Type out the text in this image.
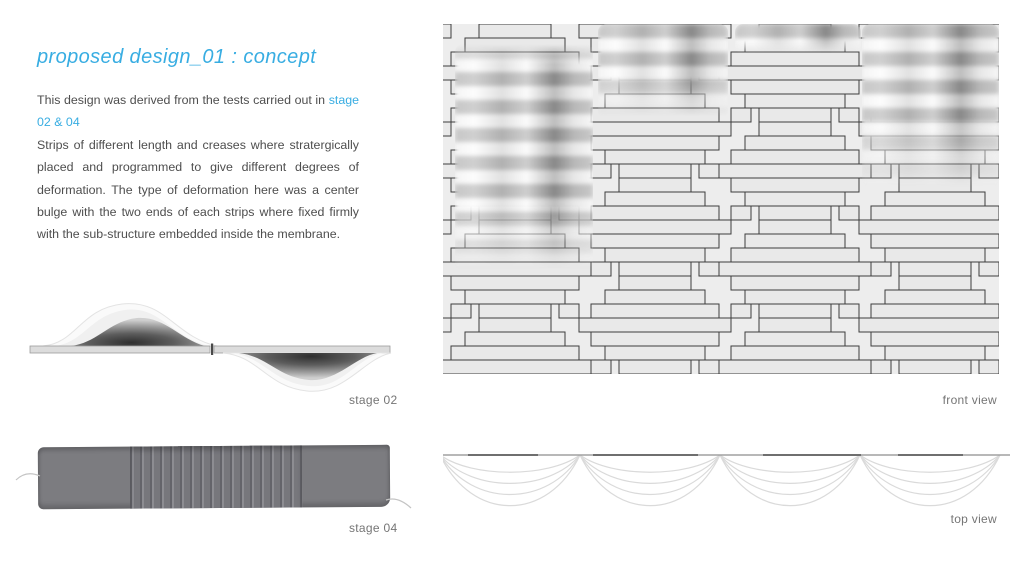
proposed design_01 : concept

This design was derived from the tests carried out in stage 02 & 04

Strips of different length and creases where stratergically placed and programmed to give different degrees of deformation. The type of deformation here was a center bulge with the two ends of each strips where fixed firmly with the sub-structure embedded inside the membrane.

stage 02
stage 04
front view
top view
